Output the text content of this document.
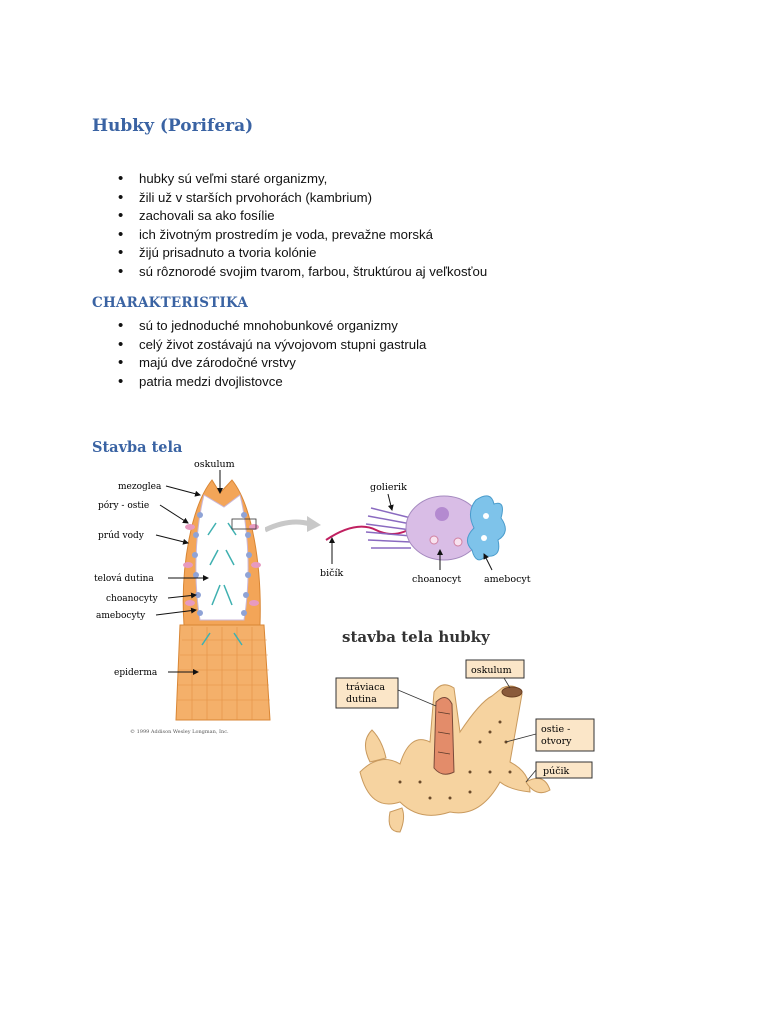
Hubky (Porifera)
• hubky sú veľmi staré organizmy,
• žili už v starších prvohorách (kambrium)
• zachovali sa ako fosílie
• ich životným prostredím je voda, prevažne morská
• žijú prisadnuto a tvoria kolónie
• sú rôznorodé svojim tvarom, farbou, štruktúrou aj veľkosťou
CHARAKTERISTIKA
• sú to jednoduché mnohobunkové organizmy
• celý život zostávajú na vývojovom stupni gastrula
• majú dve zárodočné vrstvy
• patria medzi dvojlistovce
Stavba tela
oskulum
mezoglea
póry - ostie
prúd vody
telová dutina
choanocyty
amebocyty
epiderma
© 1999 Addison Wesley Longman, Inc.
golierik
bičík
choanocyt amebocyt
stavba tela hubky
oskulum
tráviaca
dutina
ostie -
otvory
púčik
